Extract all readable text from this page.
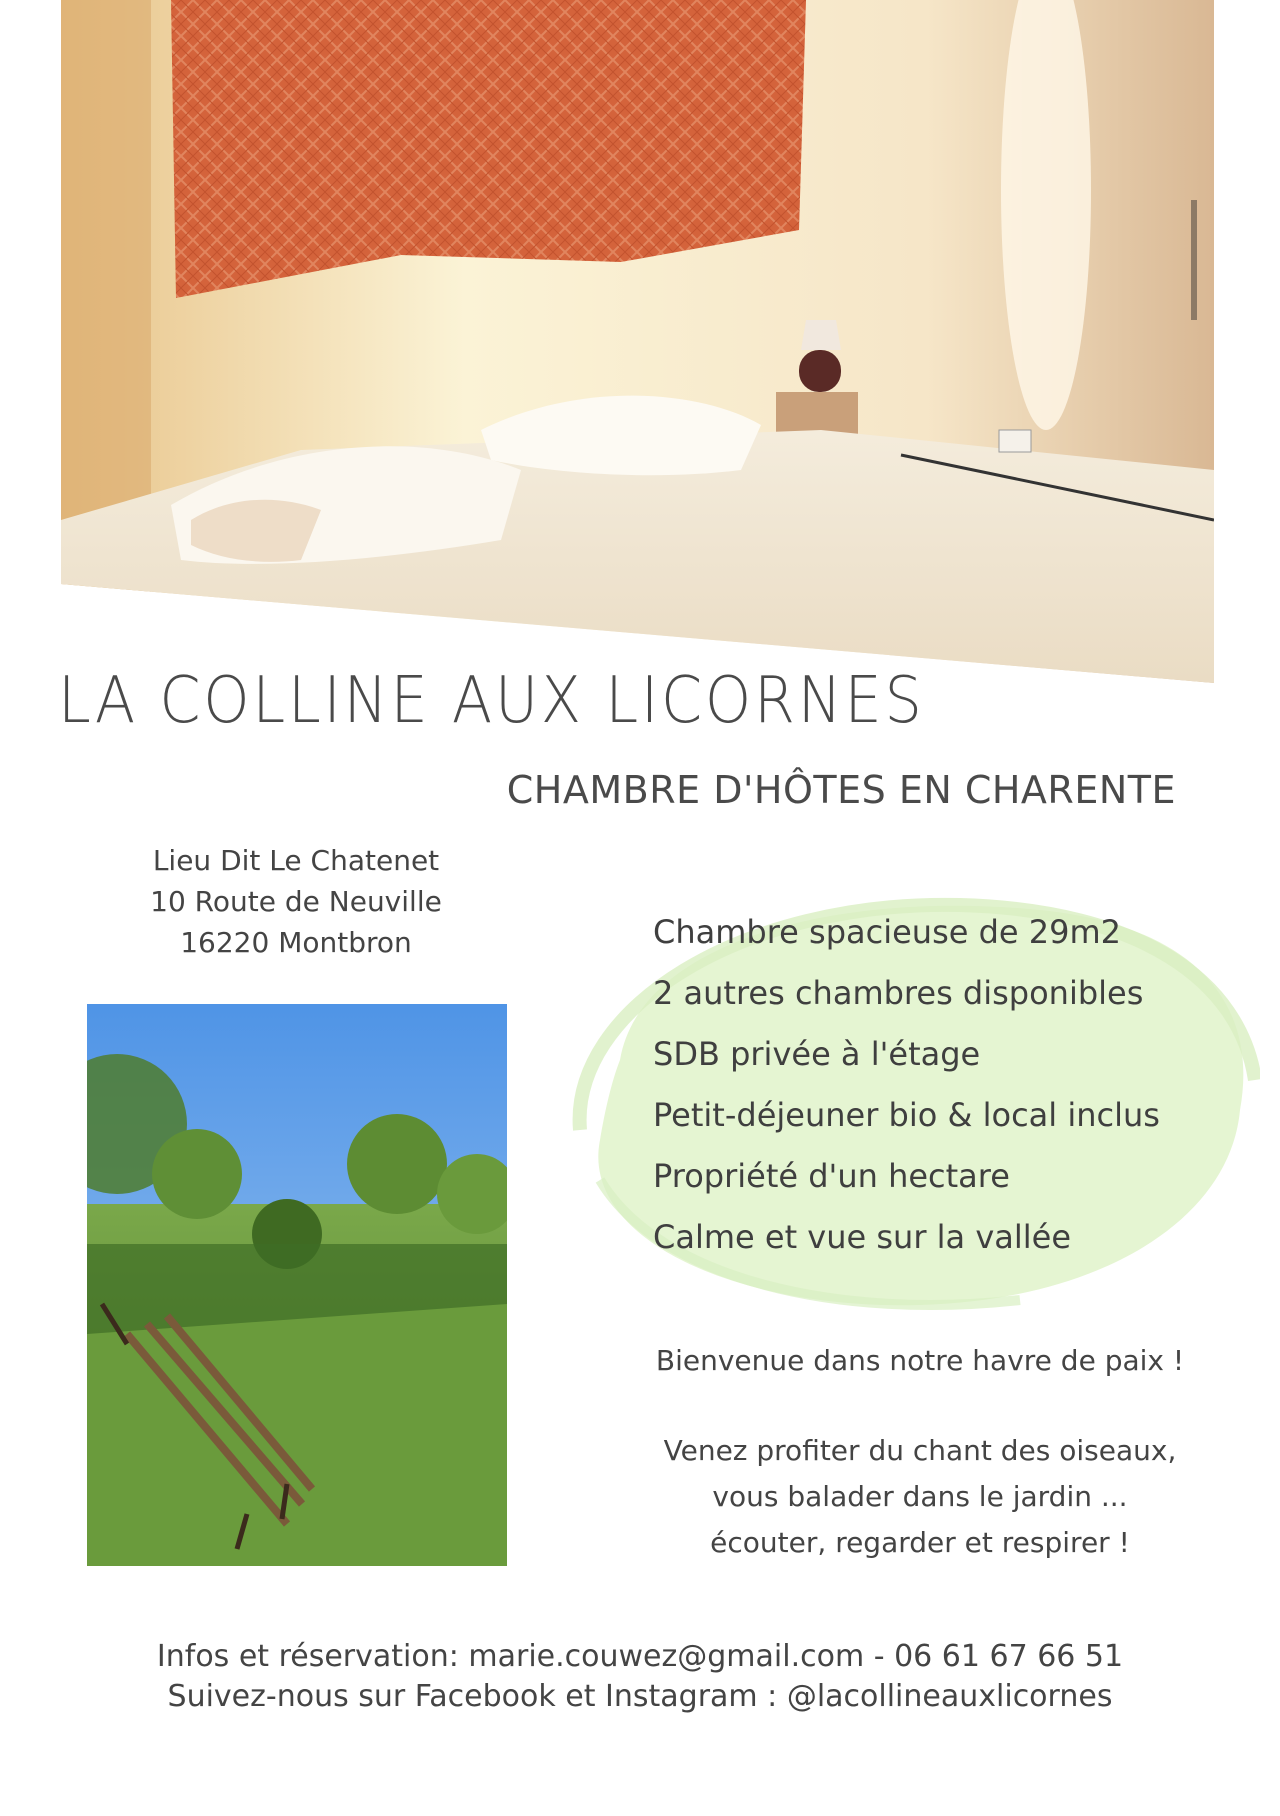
LA COLLINE AUX LICORNES
CHAMBRE D'HÔTES EN CHARENTE
Lieu Dit Le Chatenet
10 Route de Neuville
16220 Montbron	Chambre spacieuse de 29m2
2 autres chambres disponibles
SDB privée à l'étage
Petit-déjeuner bio & local inclus
Propriété d'un hectare
Calme et vue sur la vallée
Bienvenue dans notre havre de paix !
Venez profiter du chant des oiseaux,
vous balader dans le jardin ...
écouter, regarder et respirer !
Infos et réservation: marie.couwez@gmail.com - 06 61 67 66 51
Suivez-nous sur Facebook et Instagram : @lacollineauxlicornes
